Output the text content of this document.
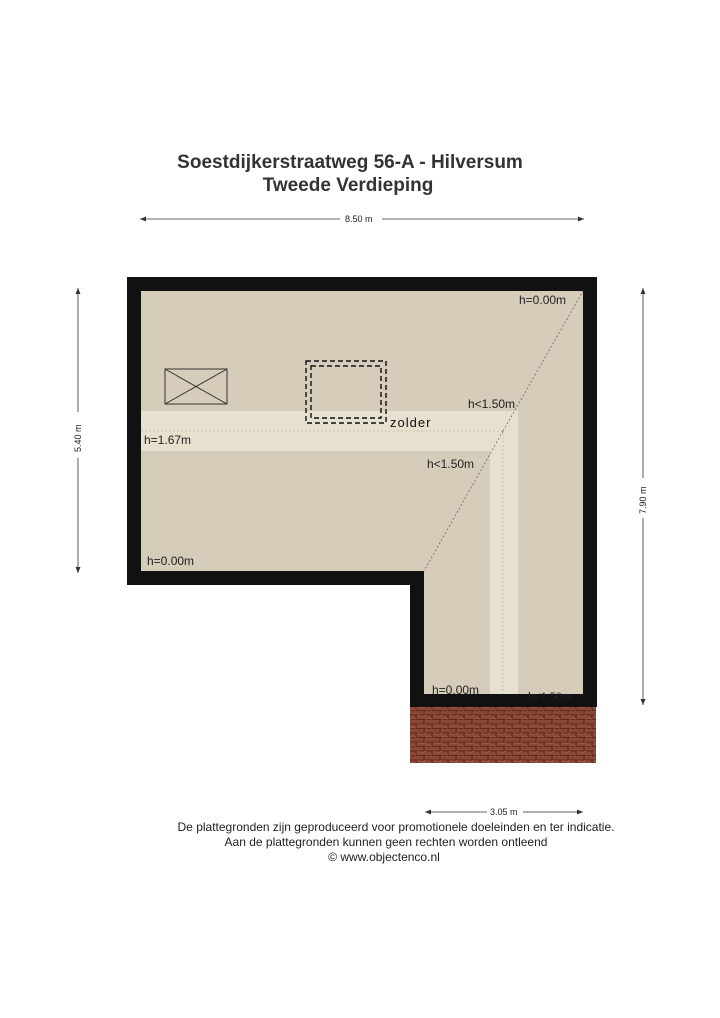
Soestdijkerstraatweg 56-A - Hilversum
Tweede Verdieping
zolder
h=0.00m
h<1.50m
h=1.67m
h<1.50m
h=0.00m
h=0.00m	h<1.50m
8.50 m
5.40 m
7.90 m
3.05 m
De plattegronden zijn geproduceerd voor promotionele doeleinden en ter indicatie.
Aan de plattegronden kunnen geen rechten worden ontleend
© www.objectenco.nl
